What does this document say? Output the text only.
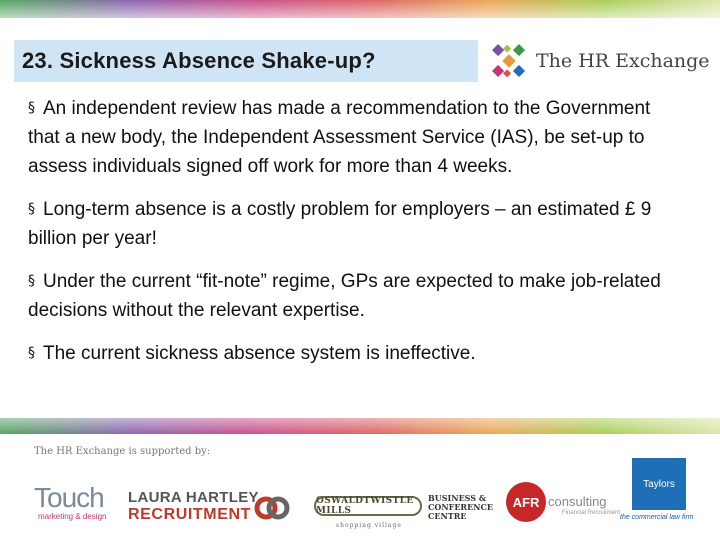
23. Sickness Absence Shake-up?	The HR Exchange

§ An independent review has made a recommendation to the Government that a new body, the Independent Assessment Service (IAS), be set-up to assess individuals signed off work for more than 4 weeks.

§ Long-term absence is a costly problem for employers – an estimated £ 9 billion per year!

§ Under the current “fit-note” regime, GPs are expected to make job-related decisions without the relevant expertise.

§ The current sickness absence system is ineffective.

The HR Exchange is supported by:
Touch
marketing & design
LAURA HARTLEY
RECRUITMENT
OSWALDTWISTLE MILLS
shopping village
BUSINESS &
CONFERENCE
CENTRE
AFR consulting
Financial Recruitment
Taylors
the commercial law firm
